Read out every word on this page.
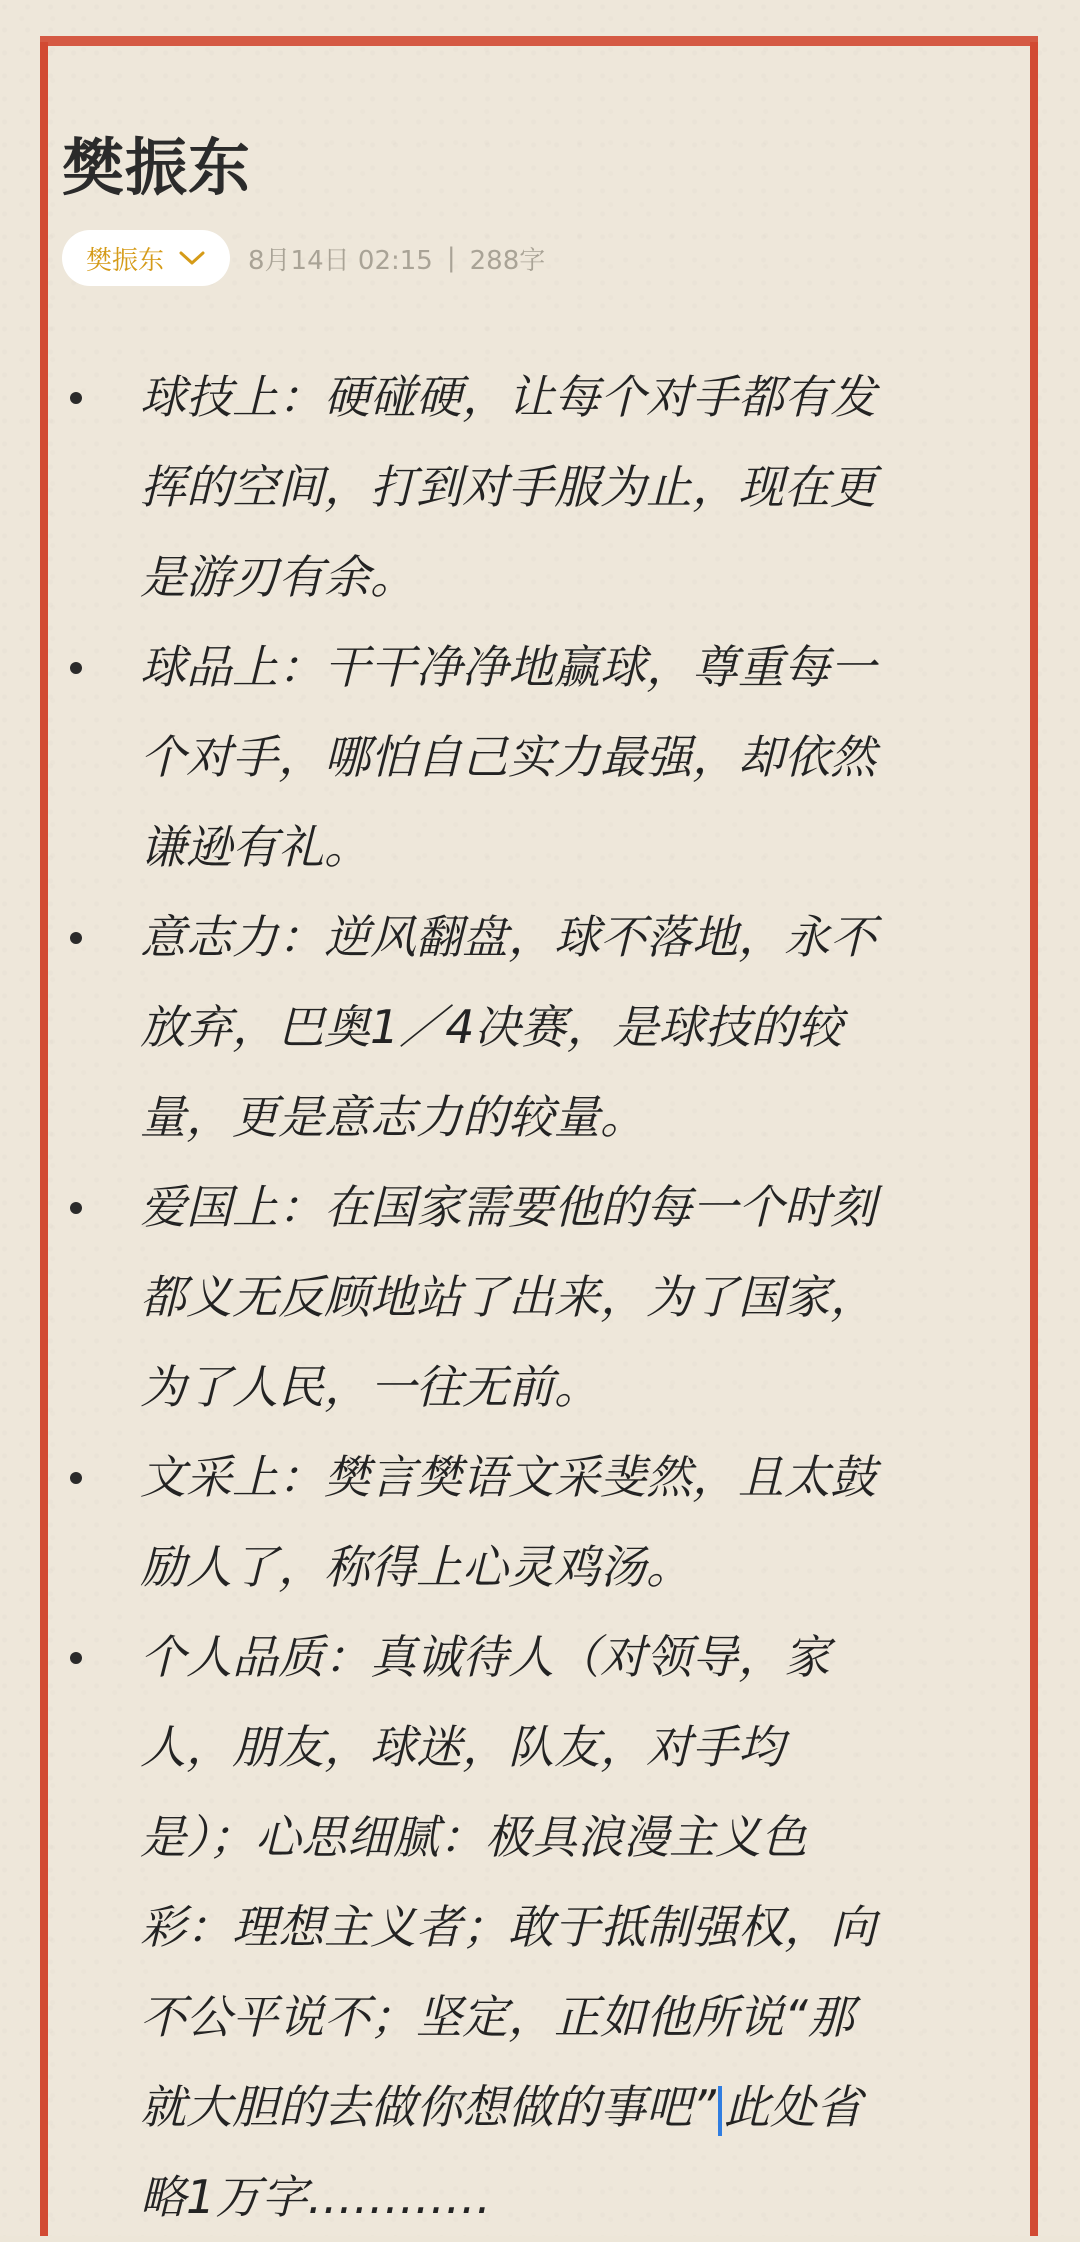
樊振东
樊振东	8月14日 02:15 | 288字
球技上：硬碰硬，让每个对手都有发
挥的空间，打到对手服为止，现在更
是游刃有余。
球品上：干干净净地赢球，尊重每一
个对手，哪怕自己实力最强，却依然
谦逊有礼。
意志力：逆风翻盘，球不落地，永不
放弃，巴奥1／4决赛，是球技的较
量，更是意志力的较量。
爱国上：在国家需要他的每一个时刻
都义无反顾地站了出来，为了国家，
为了人民，一往无前。
文采上：樊言樊语文采斐然，且太鼓
励人了，称得上心灵鸡汤。
个人品质：真诚待人（对领导，家
人，朋友，球迷，队友，对手均
是）；心思细腻：极具浪漫主义色
彩：理想主义者；敢于抵制强权，向
不公平说不；坚定，正如他所说“那
就大胆的去做你想做的事吧” 此处省
略1万字…………
